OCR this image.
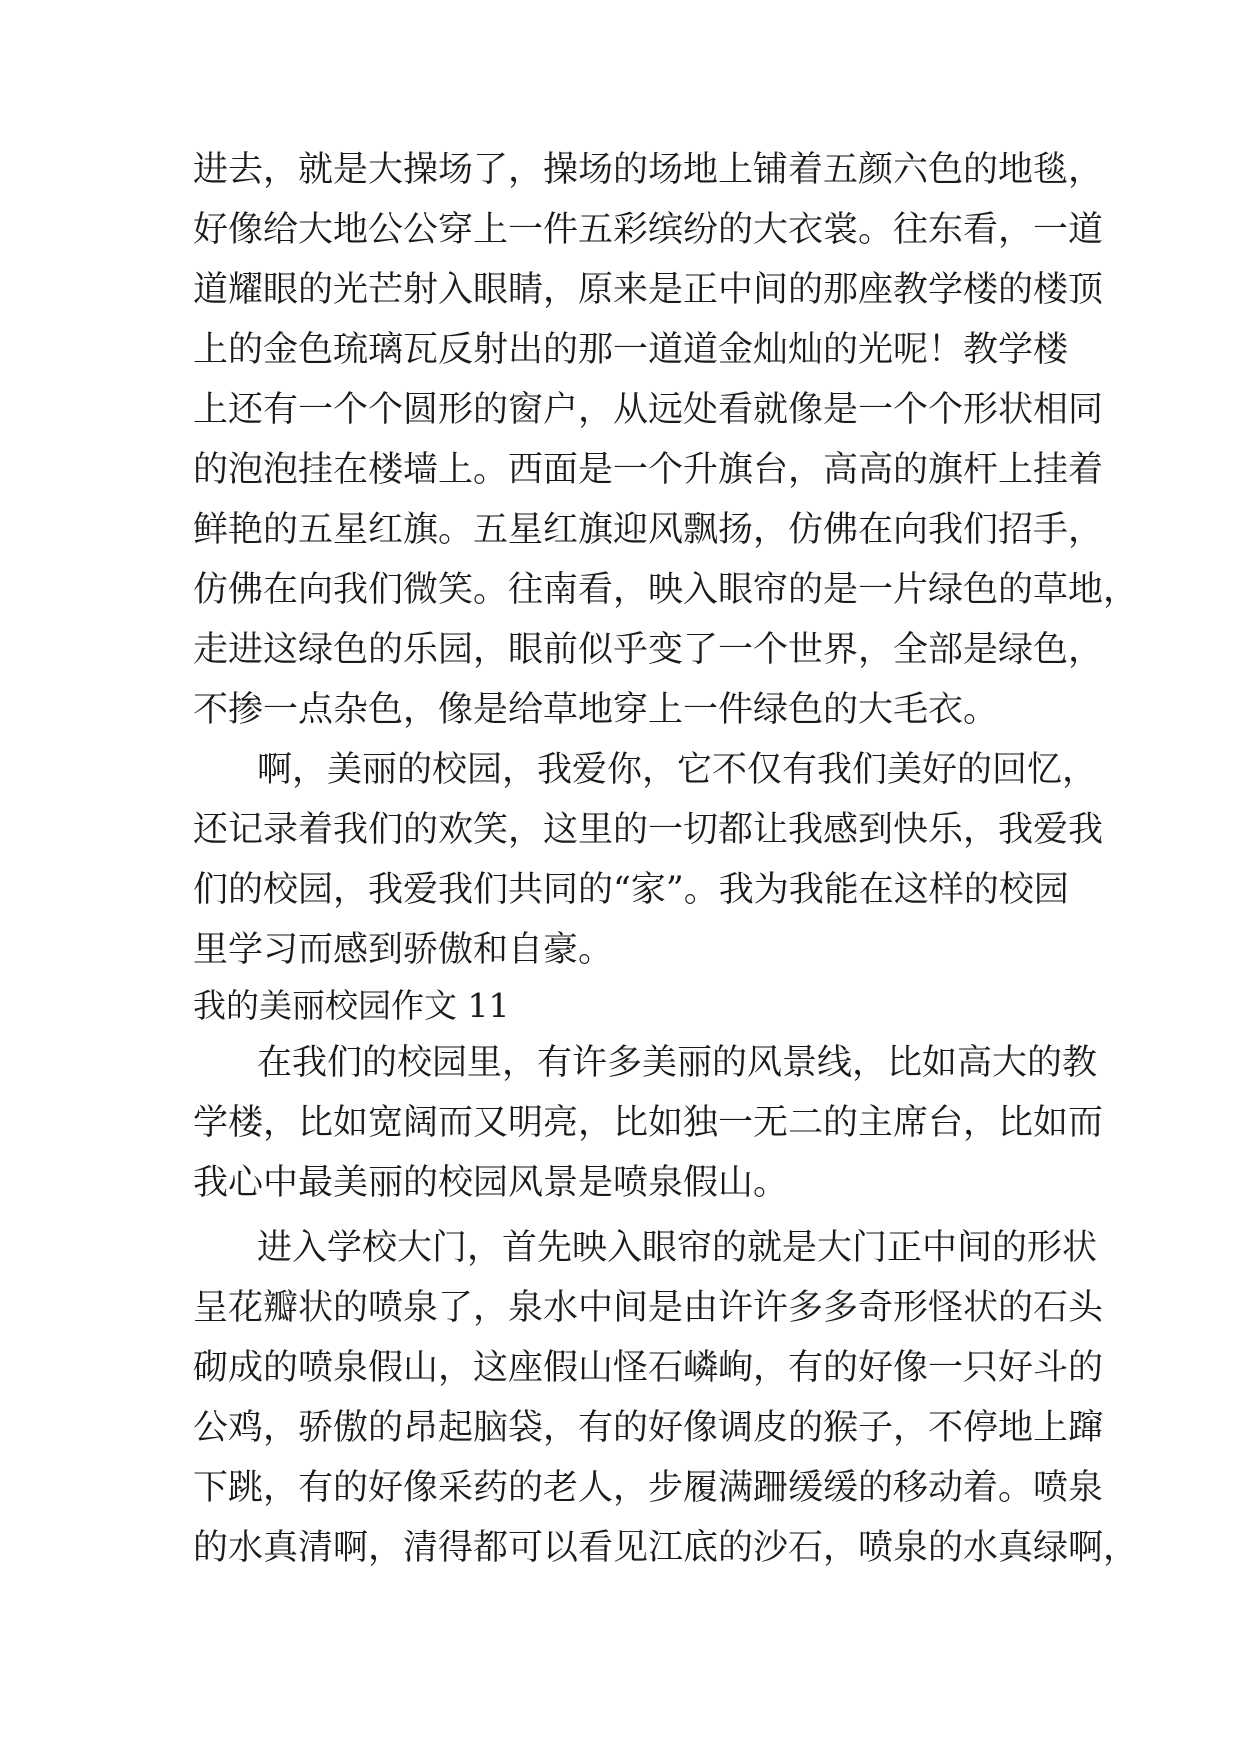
进去，就是大操场了，操场的场地上铺着五颜六色的地毯，
好像给大地公公穿上一件五彩缤纷的大衣裳。往东看，一道
道耀眼的光芒射入眼睛，原来是正中间的那座教学楼的楼顶
上的金色琉璃瓦反射出的那一道道金灿灿的光呢！教学楼
上还有一个个圆形的窗户，从远处看就像是一个个形状相同
的泡泡挂在楼墙上。西面是一个升旗台，高高的旗杆上挂着
鲜艳的五星红旗。五星红旗迎风飘扬，仿佛在向我们招手，
仿佛在向我们微笑。往南看，映入眼帘的是一片绿色的草地，
走进这绿色的乐园，眼前似乎变了一个世界，全部是绿色，
不掺一点杂色，像是给草地穿上一件绿色的大毛衣。
啊，美丽的校园，我爱你，它不仅有我们美好的回忆，
还记录着我们的欢笑，这里的一切都让我感到快乐，我爱我
们的校园，我爱我们共同的“家”。我为我能在这样的校园
里学习而感到骄傲和自豪。
我的美丽校园作文 11
在我们的校园里，有许多美丽的风景线，比如高大的教
学楼，比如宽阔而又明亮，比如独一无二的主席台，比如而
我心中最美丽的校园风景是喷泉假山。
进入学校大门，首先映入眼帘的就是大门正中间的形状
呈花瓣状的喷泉了，泉水中间是由许许多多奇形怪状的石头
砌成的喷泉假山，这座假山怪石嶙峋，有的好像一只好斗的
公鸡，骄傲的昂起脑袋，有的好像调皮的猴子，不停地上蹿
下跳，有的好像采药的老人，步履满跚缓缓的移动着。喷泉
的水真清啊，清得都可以看见江底的沙石，喷泉的水真绿啊，
